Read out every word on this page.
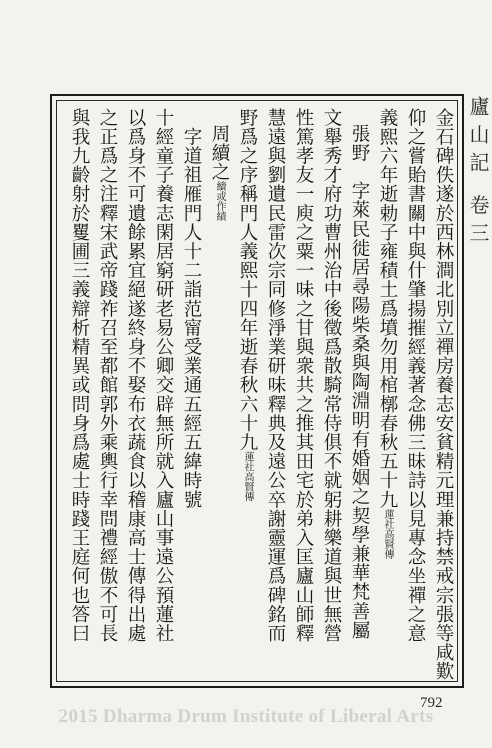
廬山記 卷三
金石碑佚遂於西林澗北別立禪房養志安貧精元理兼持禁戒宗張等咸歎
仰之嘗貽書關中與什肇揚摧經義著念佛三昧詩以見專念坐禪之意
義熙六年逝勅子雍積土爲墳勿用棺槨春秋五十九蓮社高賢傳
張野　字萊民徙居尋陽柴桑與陶淵明有婚姻之契學兼華梵善屬
文舉秀才府功曹州治中後徵爲散騎常侍俱不就躬耕樂道與世無營
性篤孝友一庾之粟一味之甘與衆共之推其田宅於弟入匡廬山師釋
慧遠與劉遺民雷次宗同修淨業研味釋典及遠公卒謝靈運爲碑銘而
野爲之序稱門人義熙十四年逝春秋六十九蓮社高賢傳
周續之續或作績
　字道祖雁門人十二詣范甯受業通五經五緯時號
十經童子養志閑居窮研老易公卿交辟無所就入廬山事遠公預蓮社
以爲身不可遺餘累宜絕遂終身不娶布衣蔬食以稽康高士傳得出處
之正爲之注釋宋武帝踐祚召至都館郭外乘輿行幸問禮經傲不可長
與我九齡射於矍圃三義辯析精異或問身爲處士時踐王庭何也答曰
792
2015 Dharma Drum Institute of Liberal Arts
